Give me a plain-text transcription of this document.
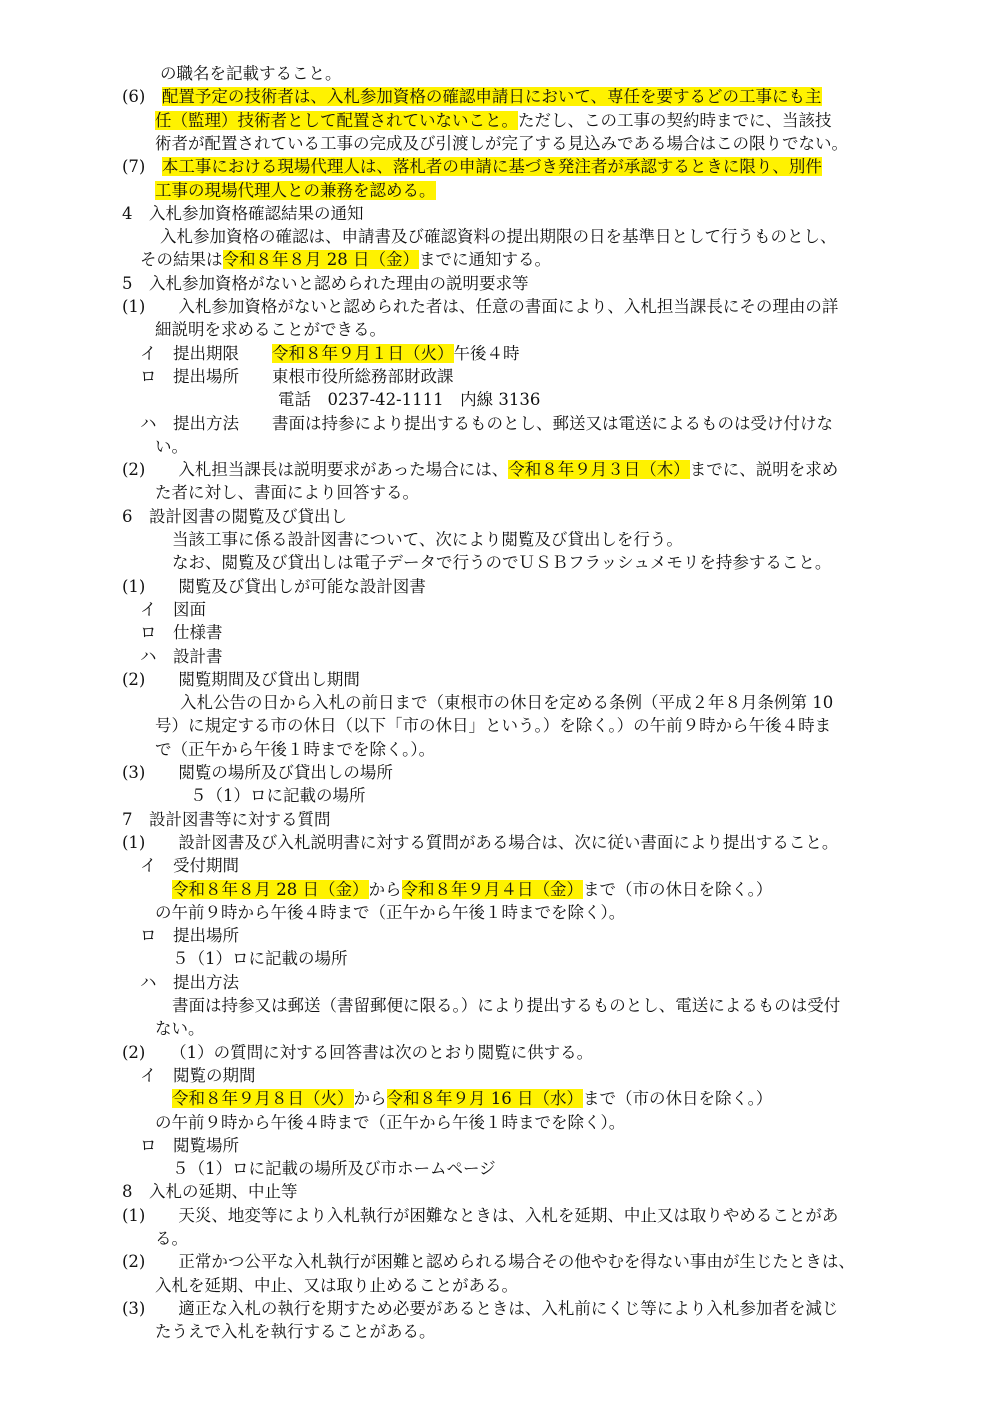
の職名を記載すること。
(6)　配置予定の技術者は、入札参加資格の確認申請日において、専任を要するどの工事にも主
任（監理）技術者として配置されていないこと。ただし、この工事の契約時までに、当該技
術者が配置されている工事の完成及び引渡しが完了する見込みである場合はこの限りでない。
(7)　本工事における現場代理人は、落札者の申請に基づき発注者が承認するときに限り、別件
工事の現場代理人との兼務を認める。
4　入札参加資格確認結果の通知
入札参加資格の確認は、申請書及び確認資料の提出期限の日を基準日として行うものとし、
その結果は令和８年８月 28 日（金）までに通知する。
5　入札参加資格がないと認められた理由の説明要求等
(1)　　入札参加資格がないと認められた者は、任意の書面により、入札担当課長にその理由の詳
細説明を求めることができる。
イ　提出期限　　令和８年９月１日（火）午後４時
ロ　提出場所　　東根市役所総務部財政課
電話　0237-42-1111　内線 3136
ハ　提出方法　　書面は持参により提出するものとし、郵送又は電送によるものは受け付けな
い。
(2)　　入札担当課長は説明要求があった場合には、令和８年９月３日（木）までに、説明を求め
た者に対し、書面により回答する。
6　設計図書の閲覧及び貸出し
当該工事に係る設計図書について、次により閲覧及び貸出しを行う。
なお、閲覧及び貸出しは電子データで行うのでＵＳＢフラッシュメモリを持参すること。
(1)　　閲覧及び貸出しが可能な設計図書
イ　図面
ロ　仕様書
ハ　設計書
(2)　　閲覧期間及び貸出し期間
入札公告の日から入札の前日まで（東根市の休日を定める条例（平成２年８月条例第 10
号）に規定する市の休日（以下「市の休日」という。）を除く。）の午前９時から午後４時ま
で（正午から午後１時までを除く。）。
(3)　　閲覧の場所及び貸出しの場所
５（1）ロに記載の場所
7　設計図書等に対する質問
(1)　　設計図書及び入札説明書に対する質問がある場合は、次に従い書面により提出すること。
イ　受付期間
令和８年８月 28 日（金）から令和８年９月４日（金）まで（市の休日を除く。）
の午前９時から午後４時まで（正午から午後１時までを除く）。
ロ　提出場所
５（1）ロに記載の場所
ハ　提出方法
書面は持参又は郵送（書留郵便に限る。）により提出するものとし、電送によるものは受付
ない。
(2)　　（1）の質問に対する回答書は次のとおり閲覧に供する。
イ　閲覧の期間
令和８年９月８日（火）から令和８年９月 16 日（水）まで（市の休日を除く。）
の午前９時から午後４時まで（正午から午後１時までを除く）。
ロ　閲覧場所
５（1）ロに記載の場所及び市ホームページ
8　入札の延期、中止等
(1)　　天災、地変等により入札執行が困難なときは、入札を延期、中止又は取りやめることがあ
る。
(2)　　正常かつ公平な入札執行が困難と認められる場合その他やむを得ない事由が生じたときは、
入札を延期、中止、又は取り止めることがある。
(3)　　適正な入札の執行を期すため必要があるときは、入札前にくじ等により入札参加者を減じ
たうえで入札を執行することがある。
